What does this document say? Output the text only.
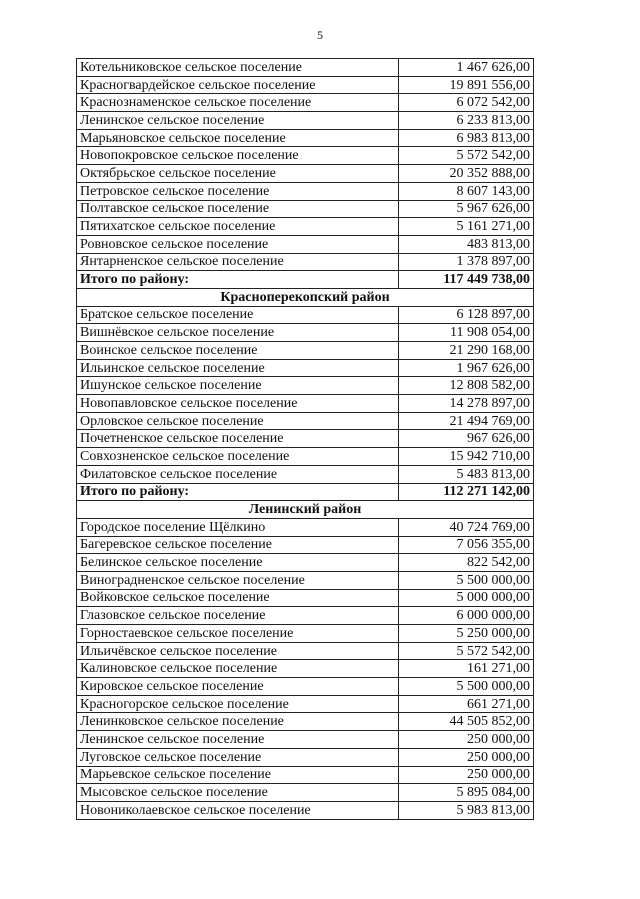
5
Котельниковское сельское поселение	1 467 626,00
Красногвардейское сельское поселение	19 891 556,00
Краснознаменское сельское поселение	6 072 542,00
Ленинское сельское поселение	6 233 813,00
Марьяновское сельское поселение	6 983 813,00
Новопокровское сельское поселение	5 572 542,00
Октябрьское сельское поселение	20 352 888,00
Петровское сельское поселение	8 607 143,00
Полтавское сельское поселение	5 967 626,00
Пятихатское сельское поселение	5 161 271,00
Ровновское сельское поселение	483 813,00
Янтарненское сельское поселение	1 378 897,00
Итого по району:	117 449 738,00
Красноперекопский район	
Братское сельское поселение	6 128 897,00
Вишнёвское сельское поселение	11 908 054,00
Воинское сельское поселение	21 290 168,00
Ильинское сельское поселение	1 967 626,00
Ишунское сельское поселение	12 808 582,00
Новопавловское сельское поселение	14 278 897,00
Орловское сельское поселение	21 494 769,00
Почетненское сельское поселение	967 626,00
Совхозненское сельское поселение	15 942 710,00
Филатовское сельское поселение	5 483 813,00
Итого по району:	112 271 142,00
Ленинский район	
Городское поселение Щёлкино	40 724 769,00
Багеревское сельское поселение	7 056 355,00
Белинское сельское поселение	822 542,00
Виноградненское сельское поселение	5 500 000,00
Войковское сельское поселение	5 000 000,00
Глазовское сельское поселение	6 000 000,00
Горностаевское сельское поселение	5 250 000,00
Ильичёвское сельское поселение	5 572 542,00
Калиновское сельское поселение	161 271,00
Кировское сельское поселение	5 500 000,00
Красногорское сельское поселение	661 271,00
Ленинковское сельское поселение	44 505 852,00
Ленинское сельское поселение	250 000,00
Луговское сельское поселение	250 000,00
Марьевское сельское поселение	250 000,00
Мысовское сельское поселение	5 895 084,00
Новониколаевское сельское поселение	5 983 813,00
